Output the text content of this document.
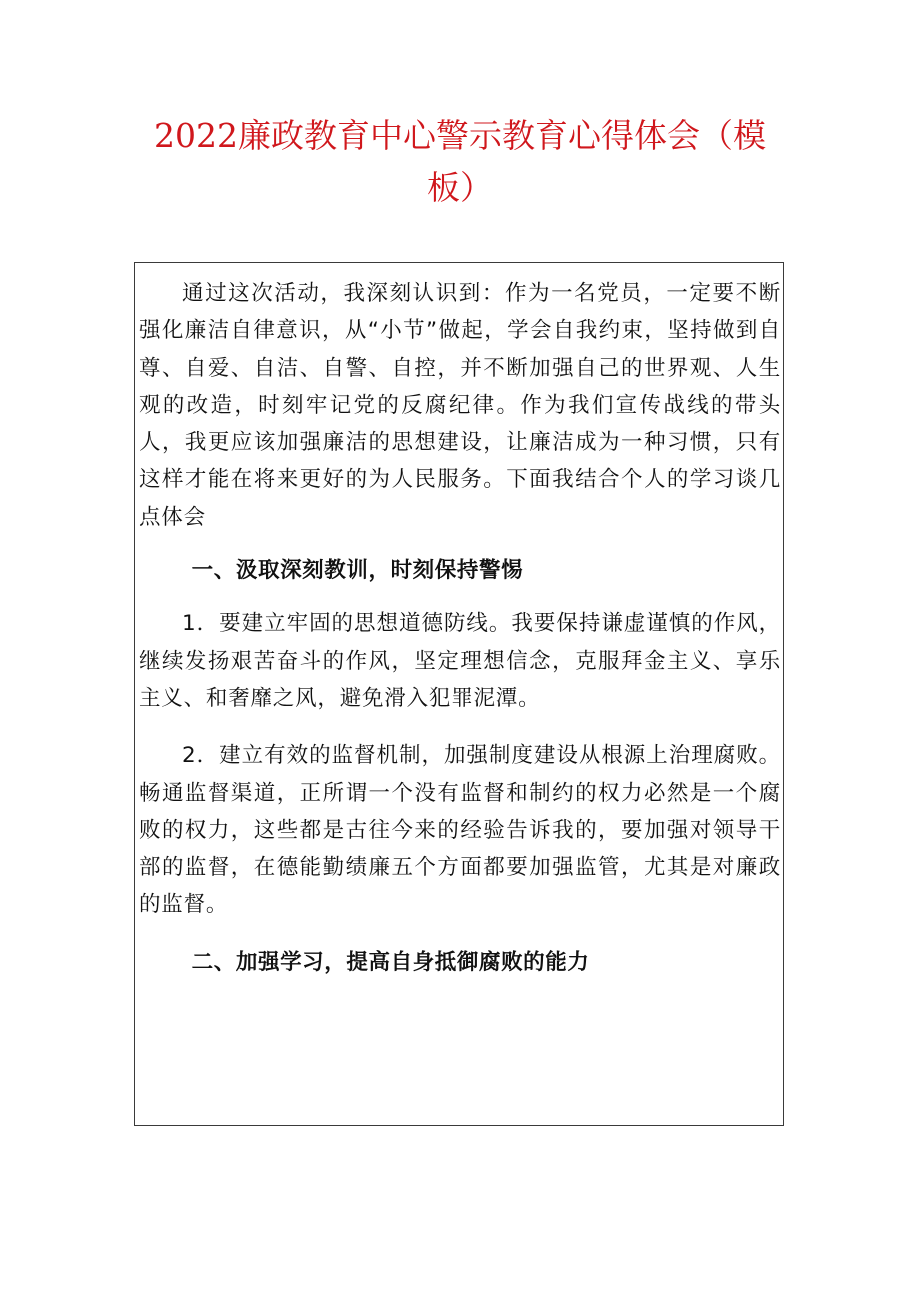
2022廉政教育中心警示教育心得体会（模板）

通过这次活动，我深刻认识到：作为一名党员，一定要不断强化廉洁自律意识，从“小节”做起，学会自我约束，坚持做到自尊、自爱、自洁、自警、自控，并不断加强自己的世界观、人生观的改造，时刻牢记党的反腐纪律。作为我们宣传战线的带头人，我更应该加强廉洁的思想建设，让廉洁成为一种习惯，只有这样才能在将来更好的为人民服务。下面我结合个人的学习谈几点体会

一、汲取深刻教训，时刻保持警惕

1．要建立牢固的思想道德防线。我要保持谦虚谨慎的作风，继续发扬艰苦奋斗的作风，坚定理想信念，克服拜金主义、享乐主义、和奢靡之风，避免滑入犯罪泥潭。

2．建立有效的监督机制，加强制度建设从根源上治理腐败。畅通监督渠道，正所谓一个没有监督和制约的权力必然是一个腐败的权力，这些都是古往今来的经验告诉我的，要加强对领导干部的监督，在德能勤绩廉五个方面都要加强监管，尤其是对廉政的监督。

二、加强学习，提高自身抵御腐败的能力
